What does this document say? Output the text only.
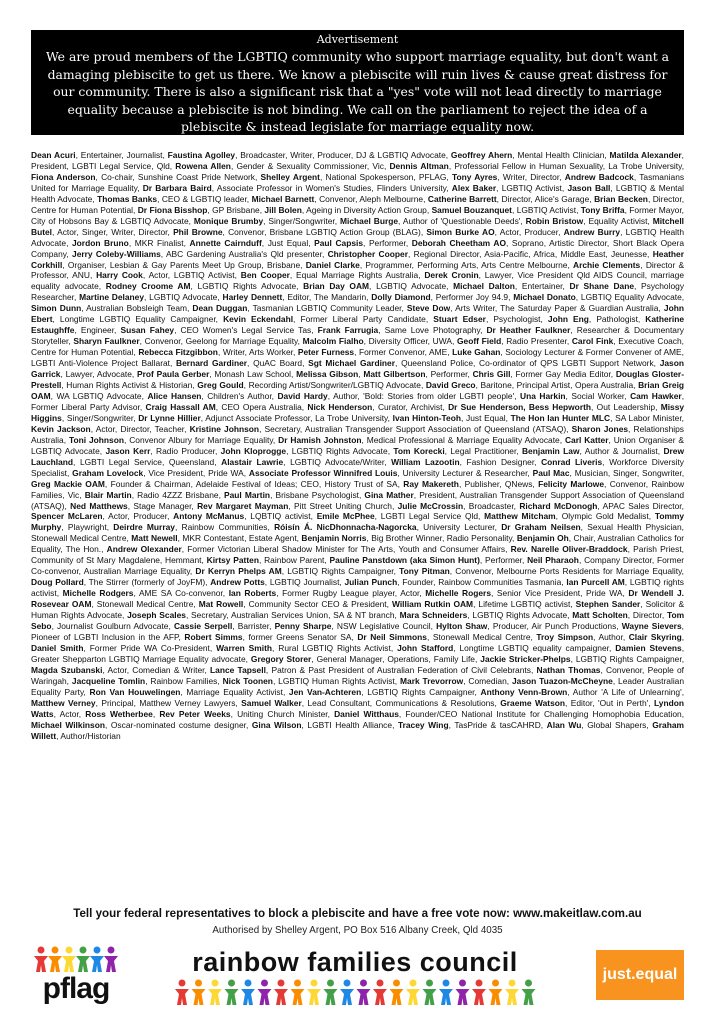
Advertisement
We are proud members of the LGBTIQ community who support marriage equality, but don't want a damaging plebiscite to get us there. We know a plebiscite will ruin lives & cause great distress for our community. There is also a significant risk that a "yes" vote will not lead directly to marriage equality because a plebiscite is not binding. We call on the parliament to reject the idea of a plebiscite & instead legislate for marriage equality now.
Dean Acuri, Entertainer, Journalist, Faustina Agolley, Broadcaster, Writer, Producer, DJ & LGBTIQ Advocate, Geoffrey Ahern, Mental Health Clinician, Matilda Alexander, President, LGBTI Legal Service, Qld, Rowena Allen, Gender & Sexuality Commissioner, Vic, Dennis Altman, Professorial Fellow in Human Sexuality, La Trobe University, Fiona Anderson, Co-chair, Sunshine Coast Pride Network, Shelley Argent, National Spokesperson, PFLAG, Tony Ayres, Writer, Director, Andrew Badcock, Tasmanians United for Marriage Equality, Dr Barbara Baird, Associate Professor in Women's Studies, Flinders University, Alex Baker, LGBTIQ Activist, Jason Ball, LGBTIQ & Mental Health Advocate, Thomas Banks, CEO & LGBTIQ leader, Michael Barnett, Convenor, Aleph Melbourne, Catherine Barrett, Director, Alice's Garage, Brian Becken, Director, Centre for Human Potential, Dr Fiona Bisshop, GP Brisbane, Jill Bolen, Ageing in Diversity Action Group, Samuel Bouzanquet, LGBTIQ Activist, Tony Briffa, Former Mayor, City of Hobsons Bay & LGBTIQ Advocate, Monique Brumby, Singer/Songwriter, Michael Burge, Author of 'Questionable Deeds', Robin Bristow, Equality Activist, Mitchell Butel, Actor, Singer, Writer, Director, Phil Browne, Convenor, Brisbane LGBTIQ Action Group (BLAG), Simon Burke AO, Actor, Producer, Andrew Burry, LGBTIQ Health Advocate, Jordon Bruno, MKR Finalist, Annette Cairnduff, Just Equal, Paul Capsis, Performer, Deborah Cheetham AO, Soprano, Artistic Director, Short Black Opera Company, Jerry Coleby-Williams, ABC Gardening Australia's Qld presenter, Christopher Cooper, Regional Director, Asia-Pacific, Africa, Middle East, Jeunesse, Heather Corkhill, Organiser, Lesbian & Gay Parents Meet Up Group, Brisbane, Daniel Clarke, Programmer, Performing Arts, Arts Centre Melbourne, Archie Clements, Director & Professor, ANU, Harry Cook, Actor, LGBTIQ Activist, Ben Cooper, Equal Marriage Rights Australia, Derek Cronin, Lawyer, Vice President Qld AIDS Council, marriage equality advocate, Rodney Croome AM, LGBTIQ Rights Advocate, Brian Day OAM, LGBTIQ Advocate, Michael Dalton, Entertainer, Dr Shane Dane, Psychology Researcher, Martine Delaney, LGBTIQ Advocate, Harley Dennett, Editor, The Mandarin, Dolly Diamond, Performer Joy 94.9, Michael Donato, LGBTIQ Equality Advocate, Simon Dunn, Australian Bobsleigh Team, Dean Duggan, Tasmanian LGBTIQ Community Leader, Steve Dow, Arts Writer, The Saturday Paper & Guardian Australia, John Ebert, Longtime LGBTIQ Equality Campaigner, Kevin Eckendahl, Former Liberal Party Candidate, Stuart Edser, Psychologist, John Eng, Pathologist, Katherine Estaughffe, Engineer, Susan Fahey, CEO Women's Legal Service Tas, Frank Farrugia, Same Love Photography, Dr Heather Faulkner, Researcher & Documentary Storyteller, Sharyn Faulkner, Convenor, Geelong for Marriage Equality, Malcolm Fialho, Diversity Officer, UWA, Geoff Field, Radio Presenter, Carol Fink, Executive Coach, Centre for Human Potential, Rebecca Fitzgibbon, Writer, Arts Worker, Peter Furness, Former Convenor, AME, Luke Gahan, Sociology Lecturer & Former Convener of AME, LGBTI Anti-Violence Project Ballarat, Bernard Gardiner, QuAC Board, Sgt Michael Gardiner, Queensland Police, Co-ordinator of QPS LGBTI Support Network, Jason Garrick, Lawyer, Advocate, Prof Paula Gerber, Monash Law School, Melissa Gibson, Matt Gilbertson, Performer, Chris Gill, Former Gay Media Editor, Douglas Gloster-Prestell, Human Rights Activist & Historian, Greg Gould, Recording Artist/Songwriter/LGBTIQ Advocate, David Greco, Baritone, Principal Artist, Opera Australia, Brian Greig OAM, WA LGBTIQ Advocate, Alice Hansen, Children's Author, David Hardy, Author, 'Bold: Stories from older LGBTI people', Una Harkin, Social Worker, Cam Hawker, Former Liberal Party Advisor, Craig Hassall AM, CEO Opera Australia, Nick Henderson, Curator, Archivist, Dr Sue Henderson, Bess Hepworth, Out Leadership, Missy Higgins, Singer/Songwriter, Dr Lynne Hillier, Adjunct Associate Professor, La Trobe University, Ivan Hinton-Teoh, Just Equal, The Hon Ian Hunter MLC, SA Labor Minister, Kevin Jackson, Actor, Director, Teacher, Kristine Johnson, Secretary, Australian Transgender Support Association of Queensland (ATSAQ), Sharon Jones, Relationships Australia, Toni Johnson, Convenor Albury for Marriage Equality, Dr Hamish Johnston, Medical Professional & Marriage Equality Advocate, Carl Katter, Union Organiser & LGBTIQ Advocate, Jason Kerr, Radio Producer, John Kloprogge, LGBTIQ Rights Advocate, Tom Korecki, Legal Practitioner, Benjamin Law, Author & Journalist, Drew Lauchland, LGBTI Legal Service, Queensland, Alastair Lawrie, LGBTIQ Advocate/Writer, William Lazootin, Fashion Designer, Conrad Liveris, Workforce Diversity Specialist, Graham Lovelock, Vice President, Pride WA, Associate Professor Winnifred Louis, University Lecturer & Researcher, Paul Mac, Musician, Singer, Songwriter, Greg Mackie OAM, Founder & Chairman, Adelaide Festival of Ideas; CEO, History Trust of SA, Ray Makereth, Publisher, QNews, Felicity Marlowe, Convenor, Rainbow Families, Vic, Blair Martin, Radio 4ZZZ Brisbane, Paul Martin, Brisbane Psychologist, Gina Mather, President, Australian Transgender Support Association of Queensland (ATSAQ), Ned Matthews, Stage Manager, Rev Margaret Mayman, Pitt Street Uniting Church, Julie McCrossin, Broadcaster, Richard McDonogh, APAC Sales Director, Spencer McLaren, Actor, Producer, Antony McManus, LQBTIQ activist, Emile McPhee, LGBTI Legal Service Qld, Matthew Mitcham, Olympic Gold Medalist, Tommy Murphy, Playwright, Deirdre Murray, Rainbow Communities, Róisín Á. NicDhonnacha-Nagorcka, University Lecturer, Dr Graham Neilsen, Sexual Health Physician, Stonewall Medical Centre, Matt Newell, MKR Contestant, Estate Agent, Benjamin Norris, Big Brother Winner, Radio Personality, Benjamin Oh, Chair, Australian Catholics for Equality, The Hon., Andrew Olexander, Former Victorian Liberal Shadow Minister for The Arts, Youth and Consumer Affairs, Rev. Narelle Oliver-Braddock, Parish Priest, Community of St Mary Magdalene, Hemmant, Kirtsy Patten, Rainbow Parent, Pauline Panstdown (aka Simon Hunt), Performer, Neil Pharaoh, Company Director, Former Co-convenor, Australian Marriage Equality, Dr Kerryn Phelps AM, LGBTIQ Rights Campaigner, Tony Pitman, Convenor, Melbourne Ports Residents for Marriage Equality, Doug Pollard, The Stirrer (formerly of JoyFM), Andrew Potts, LGBTIQ Journalist, Julian Punch, Founder, Rainbow Communities Tasmania, Ian Purcell AM, LGBTIQ rights activist, Michelle Rodgers, AME SA Co-convenor, Ian Roberts, Former Rugby League player, Actor, Michelle Rogers, Senior Vice President, Pride WA, Dr Wendell J. Rosevear OAM, Stonewall Medical Centre, Mat Rowell, Community Sector CEO & President, William Rutkin OAM, Lifetime LGBTIQ activist, Stephen Sander, Solicitor & Human Rights Advocate, Joseph Scales, Secretary, Australian Services Union, SA & NT branch, Mara Schneiders, LGBTIQ Rights Advocate, Matt Scholten, Director, Tom Sebo, Journalist Goulburn Advocate, Cassie Serpell, Barrister, Penny Sharpe, NSW Legislative Council, Hylton Shaw, Producer, Air Punch Productions, Wayne Sievers, Pioneer of LGBTI Inclusion in the AFP, Robert Simms, former Greens Senator SA, Dr Neil Simmons, Stonewall Medical Centre, Troy Simpson, Author, Clair Skyring, Daniel Smith, Former Pride WA Co-President, Warren Smith, Rural LGBTIQ Rights Activist, John Stafford, Longtime LGBTIQ equality campaigner, Damien Stevens, Greater Shepparton LGBTIQ Marriage Equality advocate, Gregory Storer, General Manager, Operations, Family Life, Jackie Stricker-Phelps, LGBTIQ Rights Campaigner, Magda Szubanski, Actor, Comedian & Writer, Lance Tapsell, Patron & Past President of Australian Federation of Civil Celebrants, Nathan Thomas, Convenor, People of Waringah, Jacqueline Tomlin, Rainbow Families, Nick Toonen, LGBTIQ Human Rights Activist, Mark Trevorrow, Comedian, Jason Tuazon-McCheyne, Leader Australian Equality Party, Ron Van Houwelingen, Marriage Equality Activist, Jen Van-Achteren, LGBTIQ Rights Campaigner, Anthony Venn-Brown, Author 'A Life of Unlearning', Matthew Verney, Principal, Matthew Verney Lawyers, Samuel Walker, Lead Consultant, Communications & Resolutions, Graeme Watson, Editor, 'Out in Perth', Lyndon Watts, Actor, Ross Wetherbee, Rev Peter Weeks, Uniting Church Minister, Daniel Witthaus, Founder/CEO National Institute for Challenging Homophobia Education, Michael Wilkinson, Oscar-nominated costume designer, Gina Wilson, LGBTI Health Alliance, Tracey Wing, TasPride & tasCAHRD, Alan Wu, Global Shapers, Graham Willett, Author/Historian
Tell your federal representatives to block a plebiscite and have a free vote now: www.makeitlaw.com.au
Authorised by Shelley Argent, PO Box 516 Albany Creek, Qld 4035
pflag
rainbow families council	just.equal
